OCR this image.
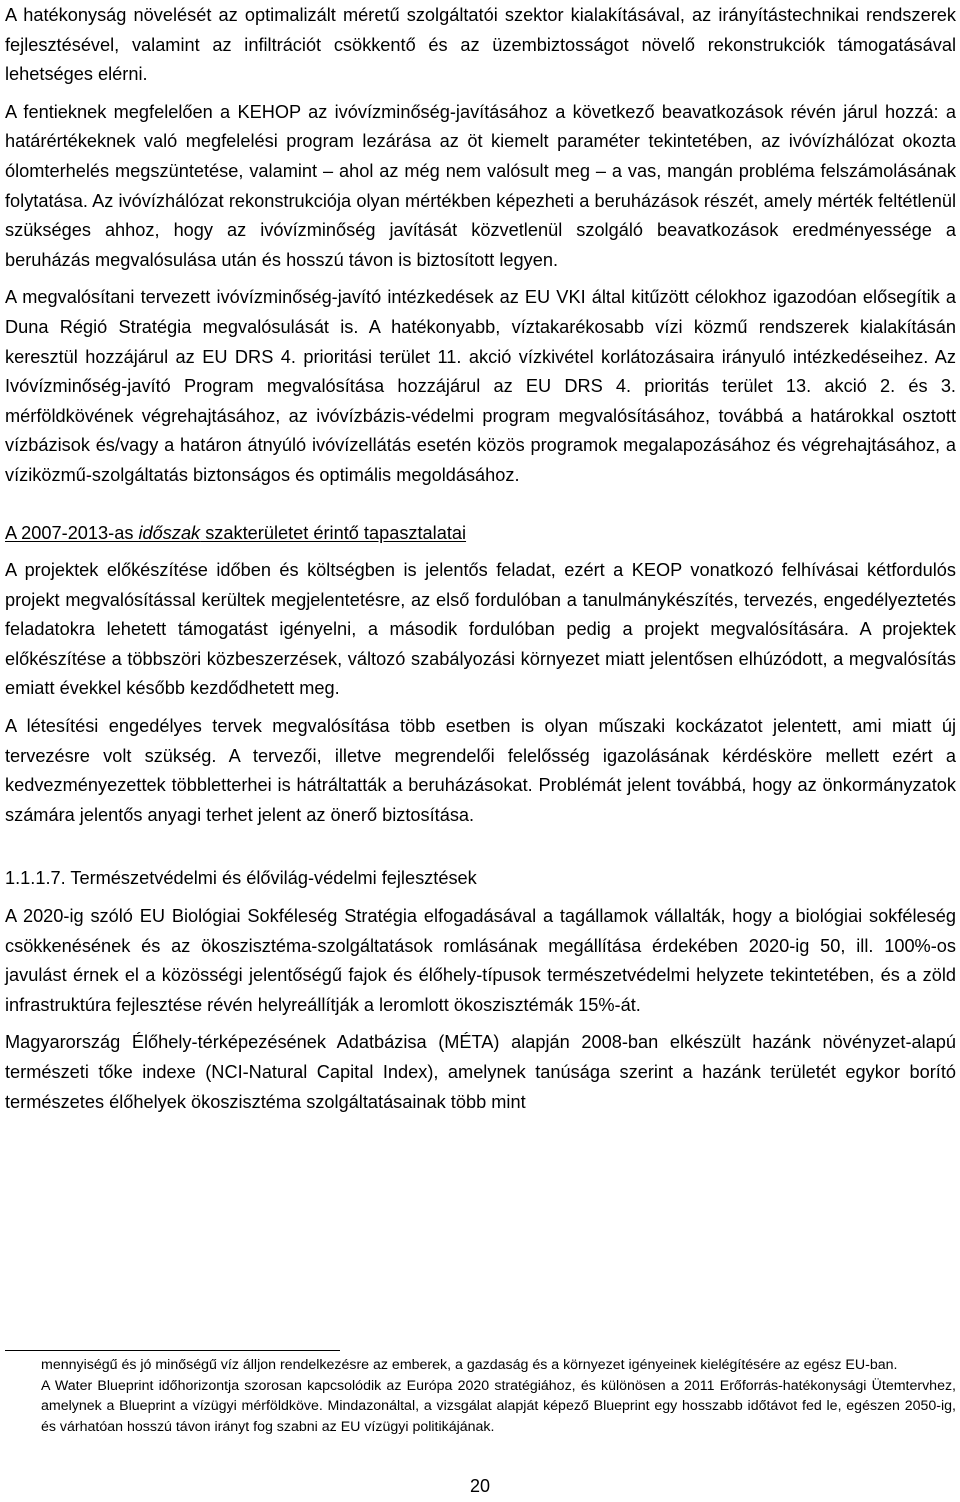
A hatékonyság növelését az optimalizált méretű szolgáltatói szektor kialakításával, az irányítástechnikai rendszerek fejlesztésével, valamint az infiltrációt csökkentő és az üzembiztosságot növelő rekonstrukciók támogatásával lehetséges elérni.

A fentieknek megfelelően a KEHOP az ivóvízminőség-javításához a következő beavatkozások révén járul hozzá: a határértékeknek való megfelelési program lezárása az öt kiemelt paraméter tekintetében, az ivóvízhálózat okozta ólomterhelés megszüntetése, valamint – ahol az még nem valósult meg – a vas, mangán probléma felszámolásának folytatása. Az ivóvízhálózat rekonstrukciója olyan mértékben képezheti a beruházások részét, amely mérték feltétlenül szükséges ahhoz, hogy az ivóvízminőség javítását közvetlenül szolgáló beavatkozások eredményessége a beruházás megvalósulása után és hosszú távon is biztosított legyen.

A megvalósítani tervezett ivóvízminőség-javító intézkedések az EU VKI által kitűzött célokhoz igazodóan elősegítik a Duna Régió Stratégia megvalósulását is. A hatékonyabb, víztakarékosabb vízi közmű rendszerek kialakításán keresztül hozzájárul az EU DRS 4. prioritási terület 11. akció vízkivétel korlátozásaira irányuló intézkedéseihez. Az Ivóvízminőség-javító Program megvalósítása hozzájárul az EU DRS 4. prioritás terület 13. akció 2. és 3. mérföldkövének végrehajtásához, az ivóvízbázis-védelmi program megvalósításához, továbbá a határokkal osztott vízbázisok és/vagy a határon átnyúló ivóvízellátás esetén közös programok megalapozásához és végrehajtásához, a víziközmű-szolgáltatás biztonságos és optimális megoldásához.

A 2007-2013-as időszak szakterületet érintő tapasztalatai

A projektek előkészítése időben és költségben is jelentős feladat, ezért a KEOP vonatkozó felhívásai kétfordulós projekt megvalósítással kerültek megjelentetésre, az első fordulóban a tanulmánykészítés, tervezés, engedélyeztetés feladatokra lehetett támogatást igényelni, a második fordulóban pedig a projekt megvalósítására. A projektek előkészítése a többszöri közbeszerzések, változó szabályozási környezet miatt jelentősen elhúzódott, a megvalósítás emiatt évekkel később kezdődhetett meg.

A létesítési engedélyes tervek megvalósítása több esetben is olyan műszaki kockázatot jelentett, ami miatt új tervezésre volt szükség. A tervezői, illetve megrendelői felelősség igazolásának kérdésköre mellett ezért a kedvezményezettek többletterhei is hátráltatták a beruházásokat. Problémát jelent továbbá, hogy az önkormányzatok számára jelentős anyagi terhet jelent az önerő biztosítása.

1.1.1.7. Természetvédelmi és élővilág-védelmi fejlesztések

A 2020-ig szóló EU Biológiai Sokféleség Stratégia elfogadásával a tagállamok vállalták, hogy a biológiai sokféleség csökkenésének és az ökoszisztéma-szolgáltatások romlásának megállítása érdekében 2020-ig 50, ill. 100%-os javulást érnek el a közösségi jelentőségű fajok és élőhely-típusok természetvédelmi helyzete tekintetében, és a zöld infrastruktúra fejlesztése révén helyreállítják a leromlott ökoszisztémák 15%-át.

Magyarország Élőhely-térképezésének Adatbázisa (MÉTA) alapján 2008-ban elkészült hazánk növényzet-alapú természeti tőke indexe (NCI-Natural Capital Index), amelynek tanúsága szerint a hazánk területét egykor borító természetes élőhelyek ökoszisztéma szolgáltatásainak több mint

mennyiségű és jó minőségű víz álljon rendelkezésre az emberek, a gazdaság és a környezet igényeinek kielégítésére az egész EU-ban.

A Water Blueprint időhorizontja szorosan kapcsolódik az Európa 2020 stratégiához, és különösen a 2011 Erőforrás-hatékonysági Ütemtervhez, amelynek a Blueprint a vízügyi mérföldköve. Mindazonáltal, a vizsgálat alapját képező Blueprint egy hosszabb időtávot fed le, egészen 2050-ig, és várhatóan hosszú távon irányt fog szabni az EU vízügyi politikájának.

20
